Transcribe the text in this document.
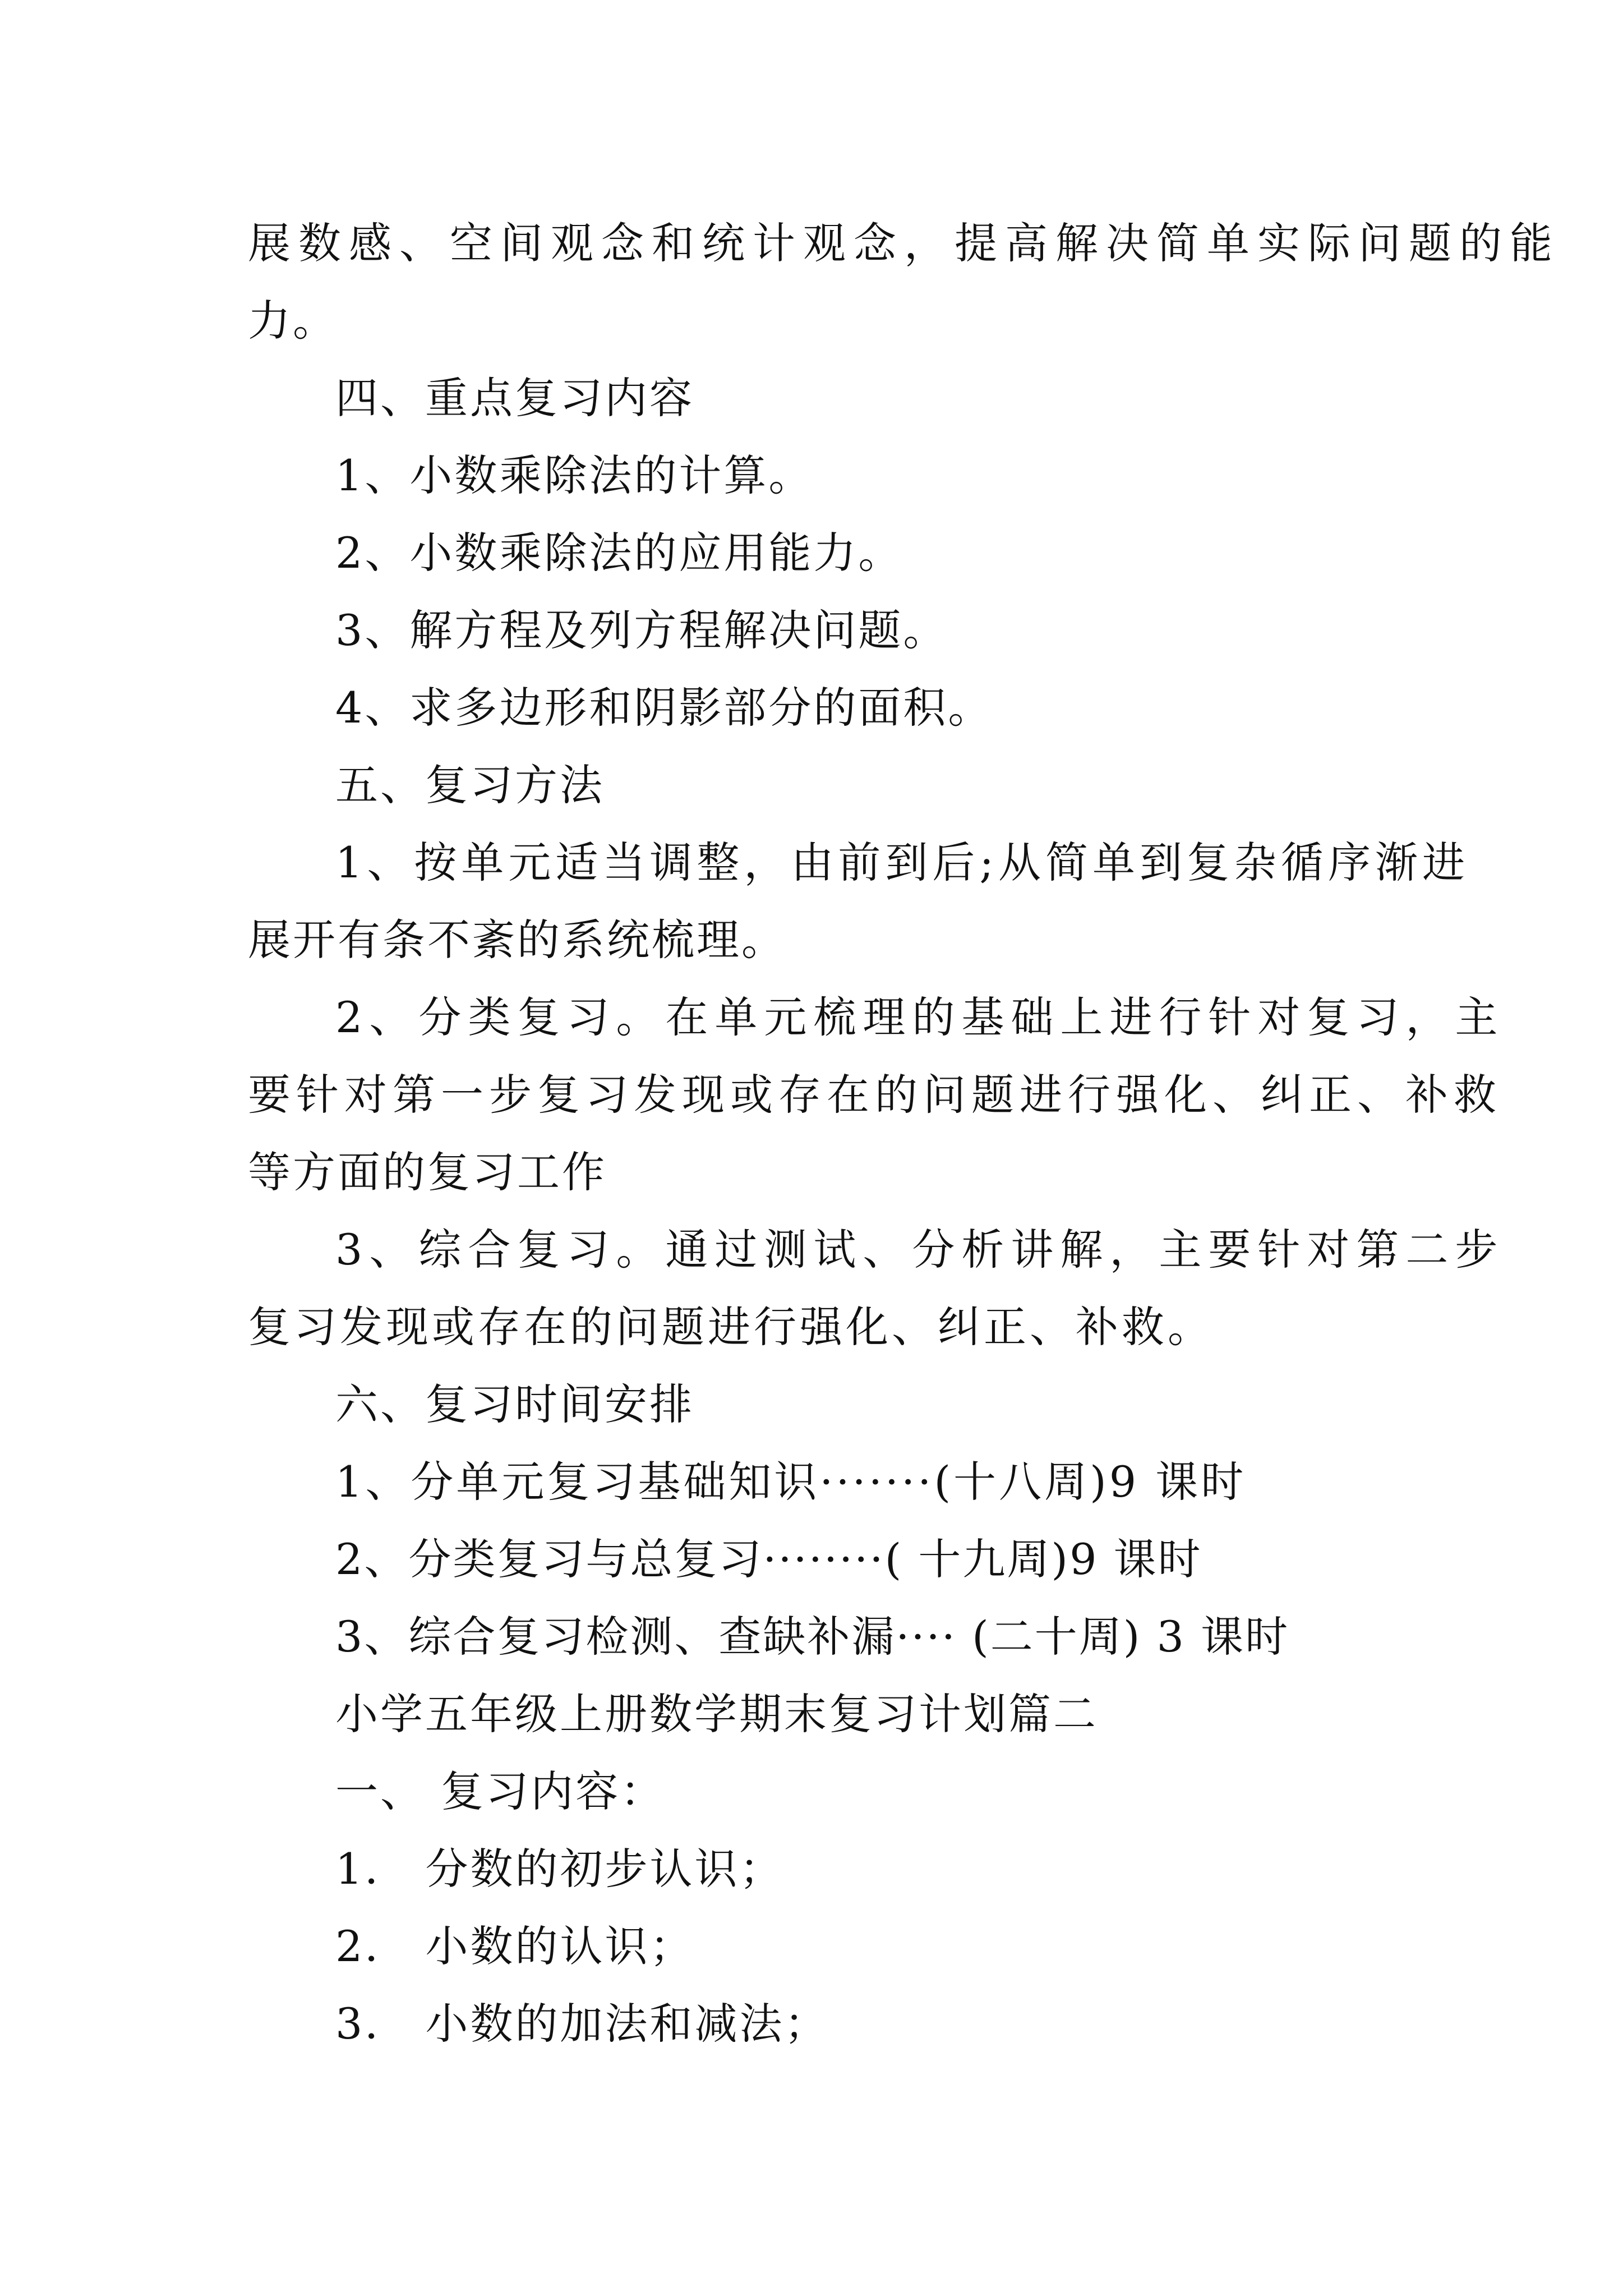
展数感、空间观念和统计观念，提高解决简单实际问题的能
力。
四、重点复习内容
1、小数乘除法的计算。
2、小数乘除法的应用能力。
3、解方程及列方程解决问题。
4、求多边形和阴影部分的面积。
五、复习方法
1、按单元适当调整，由前到后;从简单到复杂循序渐进
展开有条不紊的系统梳理。
2、分类复习。在单元梳理的基础上进行针对复习，主
要针对第一步复习发现或存在的问题进行强化、纠正、补救
等方面的复习工作
3、综合复习。通过测试、分析讲解，主要针对第二步
复习发现或存在的问题进行强化、纠正、补救。
六、复习时间安排
1、分单元复习基础知识·······(十八周)9 课时
2、分类复习与总复习········( 十九周)9 课时
3、综合复习检测、查缺补漏···· (二十周) 3 课时
小学五年级上册数学期末复习计划篇二
一、 复习内容：
1． 分数的初步认识；
2． 小数的认识；
3． 小数的加法和减法；
